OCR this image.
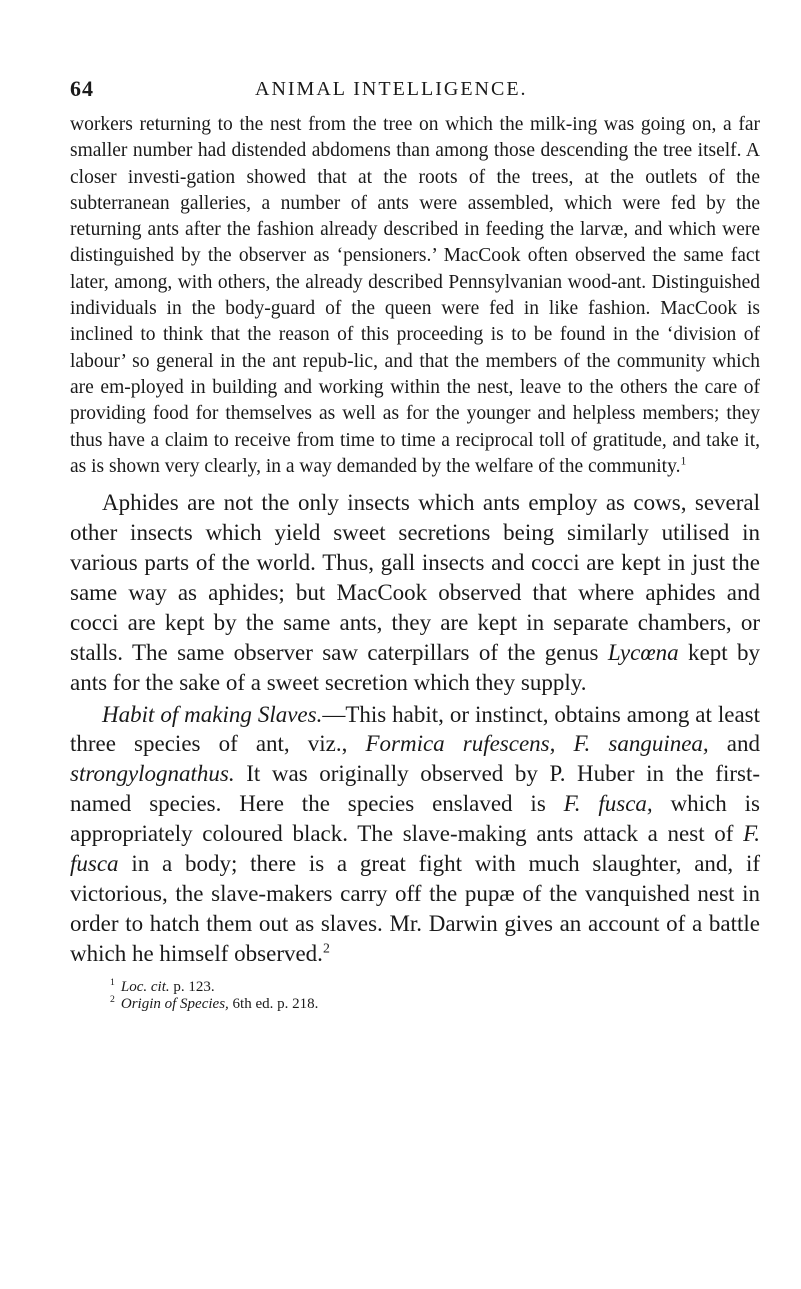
64	ANIMAL INTELLIGENCE.

workers returning to the nest from the tree on which the milk-ing was going on, a far smaller number had distended abdomens than among those descending the tree itself. A closer investi-gation showed that at the roots of the trees, at the outlets of the subterranean galleries, a number of ants were assembled, which were fed by the returning ants after the fashion already described in feeding the larvæ, and which were distinguished by the observer as ‘pensioners.’ MacCook often observed the same fact later, among, with others, the already described Pennsylvanian wood-ant. Distinguished individuals in the body-guard of the queen were fed in like fashion. MacCook is inclined to think that the reason of this proceeding is to be found in the ‘division of labour’ so general in the ant repub-lic, and that the members of the community which are em-ployed in building and working within the nest, leave to the others the care of providing food for themselves as well as for the younger and helpless members; they thus have a claim to receive from time to time a reciprocal toll of gratitude, and take it, as is shown very clearly, in a way demanded by the welfare of the community.$^1$

Aphides are not the only insects which ants employ as cows, several other insects which yield sweet secretions being similarly utilised in various parts of the world. Thus, gall insects and cocci are kept in just the same way as aphides; but MacCook observed that where aphides and cocci are kept by the same ants, they are kept in separate chambers, or stalls. The same observer saw caterpillars of the genus Lycœna kept by ants for the sake of a sweet secretion which they supply.

Habit of making Slaves.—This habit, or instinct, obtains among at least three species of ant, viz., Formica rufescens, F. sanguinea, and strongylognathus. It was originally observed by P. Huber in the first-named species. Here the species enslaved is F. fusca, which is appropriately coloured black. The slave-making ants attack a nest of F. fusca in a body; there is a great fight with much slaughter, and, if victorious, the slave-makers carry off the pupæ of the vanquished nest in order to hatch them out as slaves. Mr. Darwin gives an account of a battle which he himself observed.$^2$

$^1$ Loc. cit. p. 123.
$^2$ Origin of Species, 6th ed. p. 218.
